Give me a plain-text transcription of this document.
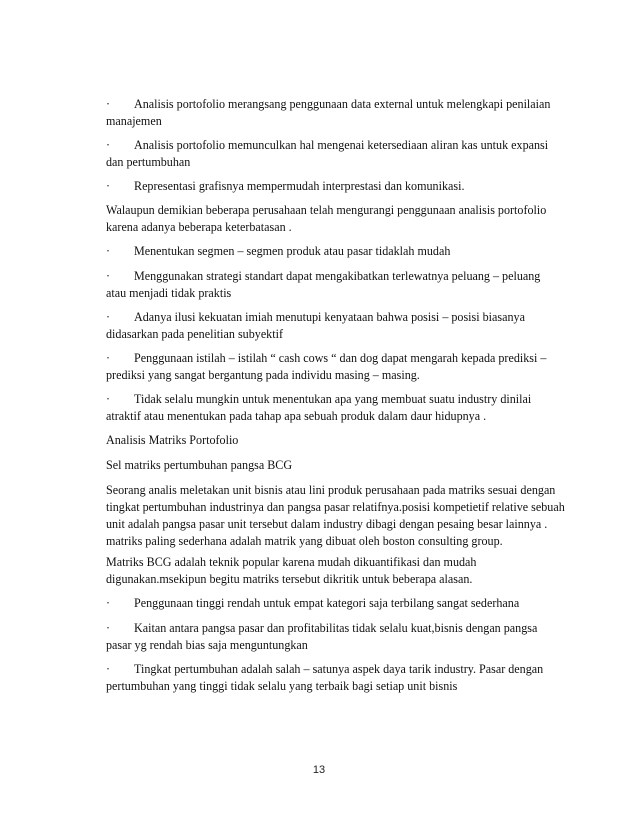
· Analisis portofolio merangsang penggunaan data external untuk melengkapi penilaian
manajemen

· Analisis portofolio memunculkan hal mengenai ketersediaan aliran kas untuk expansi
dan pertumbuhan

· Representasi grafisnya mempermudah interprestasi dan komunikasi.

Walaupun demikian beberapa perusahaan telah mengurangi penggunaan analisis portofolio
karena adanya beberapa keterbatasan .

· Menentukan segmen – segmen produk atau pasar tidaklah mudah

· Menggunakan strategi standart dapat mengakibatkan terlewatnya peluang – peluang
atau menjadi tidak praktis

· Adanya ilusi kekuatan imiah menutupi kenyataan bahwa posisi – posisi biasanya
didasarkan pada penelitian subyektif

· Penggunaan istilah – istilah “ cash cows “ dan dog dapat mengarah kepada prediksi –
prediksi yang sangat bergantung pada individu masing – masing.

· Tidak selalu mungkin untuk menentukan apa yang membuat suatu industry dinilai
atraktif atau menentukan pada tahap apa sebuah produk dalam daur hidupnya .

Analisis Matriks Portofolio

Sel matriks pertumbuhan pangsa BCG

Seorang analis meletakan unit bisnis atau lini produk perusahaan pada matriks sesuai dengan
tingkat pertumbuhan industrinya dan pangsa pasar relatifnya.posisi kompetietif relative sebuah
unit adalah pangsa pasar unit tersebut dalam industry dibagi dengan pesaing besar lainnya .
matriks paling sederhana adalah matrik yang dibuat oleh boston consulting group.

Matriks BCG adalah teknik popular karena mudah dikuantifikasi dan mudah
digunakan.msekipun begitu matriks tersebut dikritik untuk beberapa alasan.

· Penggunaan tinggi rendah untuk empat kategori saja terbilang sangat sederhana

· Kaitan antara pangsa pasar dan profitabilitas tidak selalu kuat,bisnis dengan pangsa
pasar yg rendah bias saja menguntungkan

· Tingkat pertumbuhan adalah salah – satunya aspek daya tarik industry. Pasar dengan
pertumbuhan yang tinggi tidak selalu yang terbaik bagi setiap unit bisnis

13
